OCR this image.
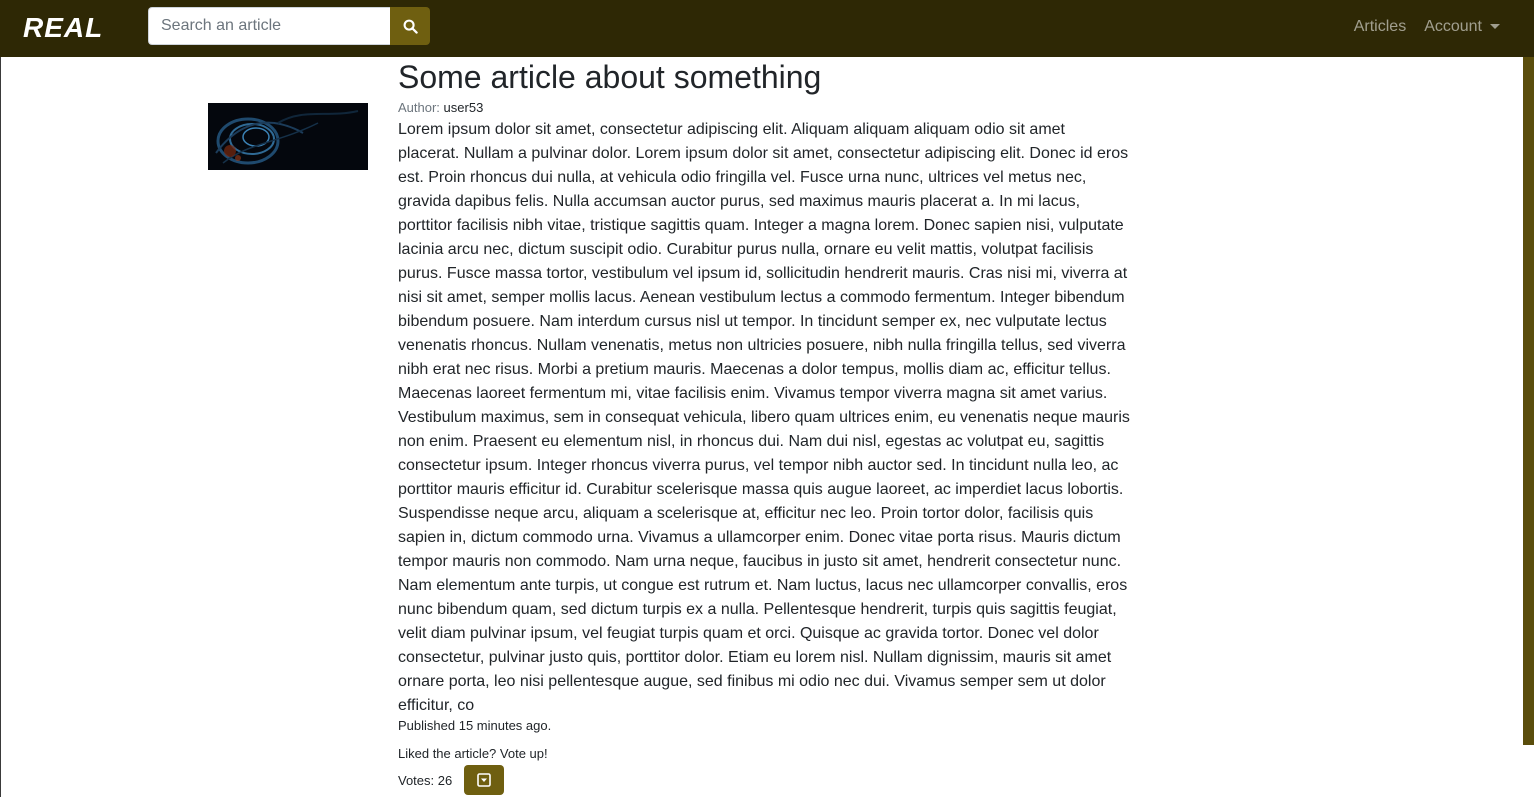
REAL
Search an article	Articles Account
Some article about something
Author: user53
Lorem ipsum dolor sit amet, consectetur adipiscing elit. Aliquam aliquam aliquam odio sit amet placerat. Nullam a pulvinar dolor. Lorem ipsum dolor sit amet, consectetur adipiscing elit. Donec id eros est. Proin rhoncus dui nulla, at vehicula odio fringilla vel. Fusce urna nunc, ultrices vel metus nec, gravida dapibus felis. Nulla accumsan auctor purus, sed maximus mauris placerat a. In mi lacus, porttitor facilisis nibh vitae, tristique sagittis quam. Integer a magna lorem. Donec sapien nisi, vulputate lacinia arcu nec, dictum suscipit odio. Curabitur purus nulla, ornare eu velit mattis, volutpat facilisis purus. Fusce massa tortor, vestibulum vel ipsum id, sollicitudin hendrerit mauris. Cras nisi mi, viverra at nisi sit amet, semper mollis lacus. Aenean vestibulum lectus a commodo fermentum. Integer bibendum bibendum posuere. Nam interdum cursus nisl ut tempor. In tincidunt semper ex, nec vulputate lectus venenatis rhoncus. Nullam venenatis, metus non ultricies posuere, nibh nulla fringilla tellus, sed viverra nibh erat nec risus. Morbi a pretium mauris. Maecenas a dolor tempus, mollis diam ac, efficitur tellus. Maecenas laoreet fermentum mi, vitae facilisis enim. Vivamus tempor viverra magna sit amet varius. Vestibulum maximus, sem in consequat vehicula, libero quam ultrices enim, eu venenatis neque mauris non enim. Praesent eu elementum nisl, in rhoncus dui. Nam dui nisl, egestas ac volutpat eu, sagittis consectetur ipsum. Integer rhoncus viverra purus, vel tempor nibh auctor sed. In tincidunt nulla leo, ac porttitor mauris efficitur id. Curabitur scelerisque massa quis augue laoreet, ac imperdiet lacus lobortis. Suspendisse neque arcu, aliquam a scelerisque at, efficitur nec leo. Proin tortor dolor, facilisis quis sapien in, dictum commodo urna. Vivamus a ullamcorper enim. Donec vitae porta risus. Mauris dictum tempor mauris non commodo. Nam urna neque, faucibus in justo sit amet, hendrerit consectetur nunc. Nam elementum ante turpis, ut congue est rutrum et. Nam luctus, lacus nec ullamcorper convallis, eros nunc bibendum quam, sed dictum turpis ex a nulla. Pellentesque hendrerit, turpis quis sagittis feugiat, velit diam pulvinar ipsum, vel feugiat turpis quam et orci. Quisque ac gravida tortor. Donec vel dolor consectetur, pulvinar justo quis, porttitor dolor. Etiam eu lorem nisl. Nullam dignissim, mauris sit amet ornare porta, leo nisi pellentesque augue, sed finibus mi odio nec dui. Vivamus semper sem ut dolor efficitur, co
Published 15 minutes ago.
Liked the article? Vote up!
Votes: 26
